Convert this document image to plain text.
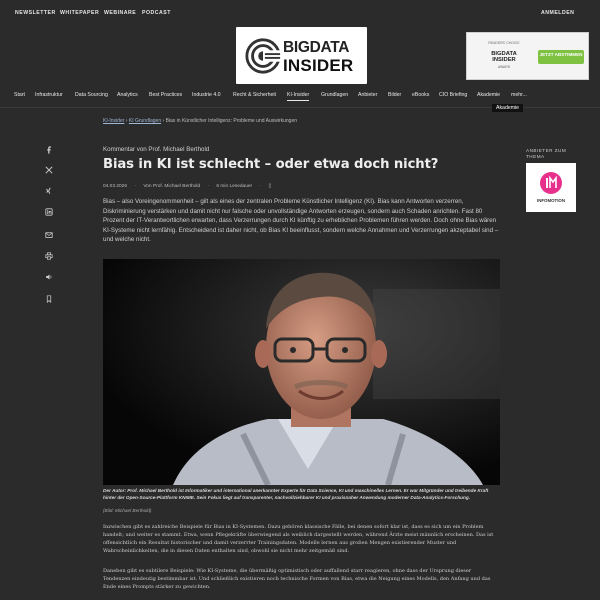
NEWSLETTER WHITEPAPER WEBINARE PODCAST	ANMELDEN
BIGDATA
INSIDER
READERS' CHOICE
BIGDATA
INSIDER
AWARD
JETZT ABSTIMMEN
Start Infrastruktur Data Sourcing Analytics Best Practices Industrie 4.0 Recht & Sicherheit KI-Insider Grundlagen Anbieter Bilder eBooks CIO Briefing Akademie mehr...
Akademie
KI-Insider › KI Grundlagen › Bias in Künstlicher Intelligenz: Probleme und Auswirkungen
ANBIETER ZUM THEMA
INFOMOTION
Kommentar von Prof. Michael Berthold
Bias in KI ist schlecht – oder etwa doch nicht?
04.03.2026 · Von Prof. Michael Berthold · 6 min Lesedauer · ▯

Bias – also Voreingenommenheit – gilt als eines der zentralen Probleme Künstlicher Intelligenz (KI). Bias kann Antworten verzerren, Diskriminierung verstärken und damit nicht nur falsche oder unvollständige Antworten erzeugen, sondern auch Schaden anrichten. Fast 80 Prozent der IT-Verantwortlichen erwarten, dass Verzerrungen durch KI künftig zu erheblichen Problemen führen werden. Doch ohne Bias wären KI-Systeme nicht lernfähig. Entscheidend ist daher nicht, ob Bias KI beeinflusst, sondern welche Annahmen und Verzerrungen akzeptabel sind – und welche nicht.

Der Autor: Prof. Michael Berthold ist Informatiker und international anerkannter Experte für Data Science, KI und maschinelles Lernen. Er war Mitgründer und treibende Kraft hinter der Open-Source-Plattform KNIME. Sein Fokus liegt auf transparenter, nachvollziehbarer KI und praxisnaher Anwendung moderner Data-Analytics-Forschung.

(Bild: Michael Berthold)

Inzwischen gibt es zahlreiche Beispiele für Bias in KI-Systemen. Dazu gehören klassische Fälle, bei denen sofort klar ist, dass es sich um ein Problem handelt; und weiter es stammt. Etwa, wenn Pflegekräfte überwiegend als weiblich dargestellt werden, während Ärzte meist männlich erscheinen. Das ist offensichtlich ein Resultat historischer und damit verzerrter Trainingsdaten. Modelle lernen aus großen Mengen existierender Muster und Wahrscheinlichkeiten, die in diesen Daten enthalten sind, obwohl sie nicht mehr zeitgemäß sind.

Daneben gibt es subtilere Beispiele: Wie KI-Systeme, die übermäßig optimistisch oder auffallend starr reagieren, ohne dass der Ursprung dieser Tendenzen eindeutig bestimmbar ist. Und schließlich existieren noch technische Formen von Bias, etwa die Neigung eines Modells, den Anfang und das Ende eines Prompts stärker zu gewichten.
